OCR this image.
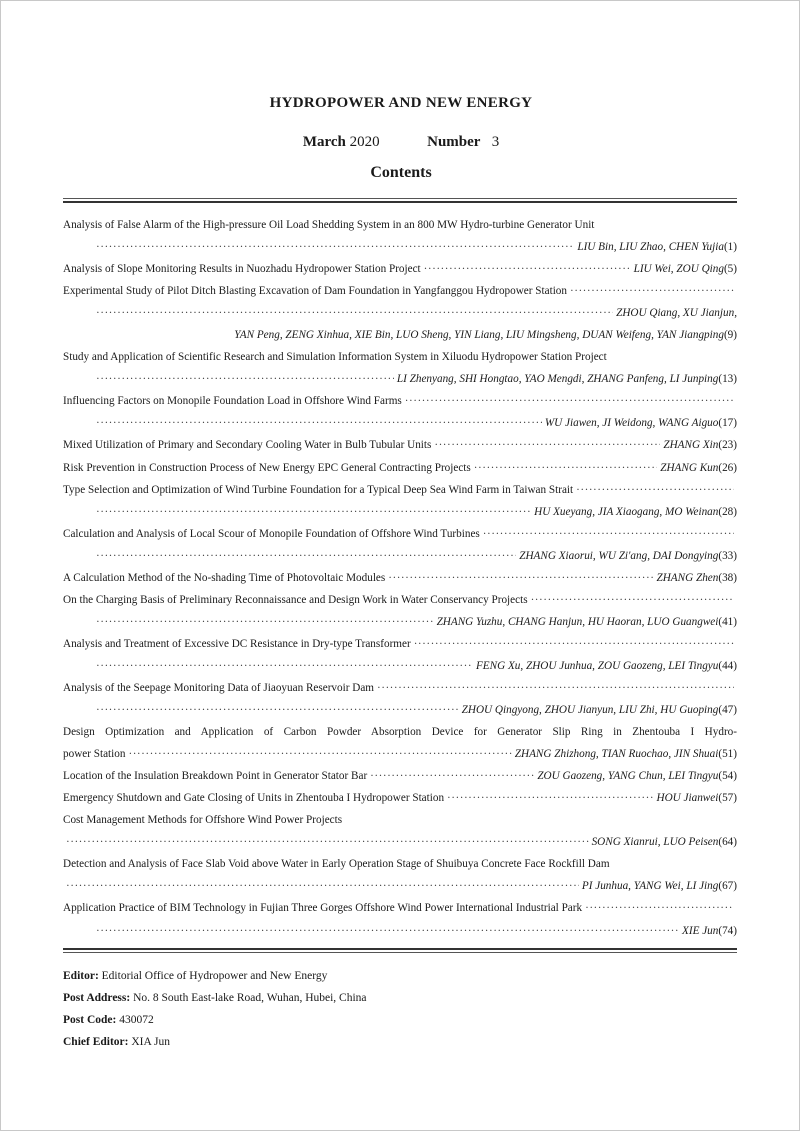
HYDROPOWER AND NEW ENERGY
March 2020	Number 3
Contents
Analysis of False Alarm of the High-pressure Oil Load Shedding System in an 800 MW Hydro-turbine Generator Unit
·····
LIU Bin, LIU Zhao, CHEN Yujia (1)
Analysis of Slope Monitoring Results in Nuozhadu Hydropower Station Project ·····	LIU Wei, ZOU Qing (5)
Experimental Study of Pilot Ditch Blasting Excavation of Dam Foundation in Yangfanggou Hydropower Station
·····
·····
ZHOU Qiang, XU Jianjun,
YAN Peng, ZENG Xinhua, XIE Bin, LUO Sheng, YIN Liang, LIU Mingsheng, DUAN Weifeng, YAN Jiangping(9)
Study and Application of Scientific Research and Simulation Information System in Xiluodu Hydropower Station Project
·····
LI Zhenyang, SHI Hongtao, YAO Mengdi, ZHANG Panfeng, LI Junping (13)
Influencing Factors on Monopile Foundation Load in Offshore Wind Farms
·····
·····
WU Jiawen, JI Weidong, WANG Aiguo (17)
Mixed Utilization of Primary and Secondary Cooling Water in Bulb Tubular Units ·····	ZHANG Xin (23)
Risk Prevention in Construction Process of New Energy EPC General Contracting Projects ·····	ZHANG Kun (26)
Type Selection and Optimization of Wind Turbine Foundation for a Typical Deep Sea Wind Farm in Taiwan Strait
·····
·····
HU Xueyang, JIA Xiaogang, MO Weinan (28)
Calculation and Analysis of Local Scour of Monopile Foundation of Offshore Wind Turbines
·····
·····
ZHANG Xiaorui, WU Zi'ang, DAI Dongying (33)
A Calculation Method of the No-shading Time of Photovoltaic Modules ·····	ZHANG Zhen (38)
On the Charging Basis of Preliminary Reconnaissance and Design Work in Water Conservancy Projects
·····
·····
ZHANG Yuzhu, CHANG Hanjun, HU Haoran, LUO Guangwei (41)
Analysis and Treatment of Excessive DC Resistance in Dry-type Transformer
·····
·····
FENG Xu, ZHOU Junhua, ZOU Gaozeng, LEI Tingyu (44)
Analysis of the Seepage Monitoring Data of Jiaoyuan Reservoir Dam
·····
·····
ZHOU Qingyong, ZHOU Jianyun, LIU Zhi, HU Guoping (47)
Design Optimization and Application of Carbon Powder Absorption Device for Generator Slip Ring in Zhentouba I Hydro-
power Station ·····	ZHANG Zhizhong, TIAN Ruochao, JIN Shuai (51)
Location of the Insulation Breakdown Point in Generator Stator Bar ·····	ZOU Gaozeng, YANG Chun, LEI Tingyu (54)
Emergency Shutdown and Gate Closing of Units in Zhentouba I Hydropower Station ·····	HOU Jianwei (57)
Cost Management Methods for Offshore Wind Power Projects
·····
SONG Xianrui, LUO Peisen (64)
Detection and Analysis of Face Slab Void above Water in Early Operation Stage of Shuibuya Concrete Face Rockfill Dam
·····
PI Junhua, YANG Wei, LI Jing (67)
Application Practice of BIM Technology in Fujian Three Gorges Offshore Wind Power International Industrial Park
·····
·····
XIE Jun (74)
Editor: Editorial Office of Hydropower and New Energy
Post Address: No. 8 South East-lake Road, Wuhan, Hubei, China
Post Code: 430072
Chief Editor: XIA Jun
